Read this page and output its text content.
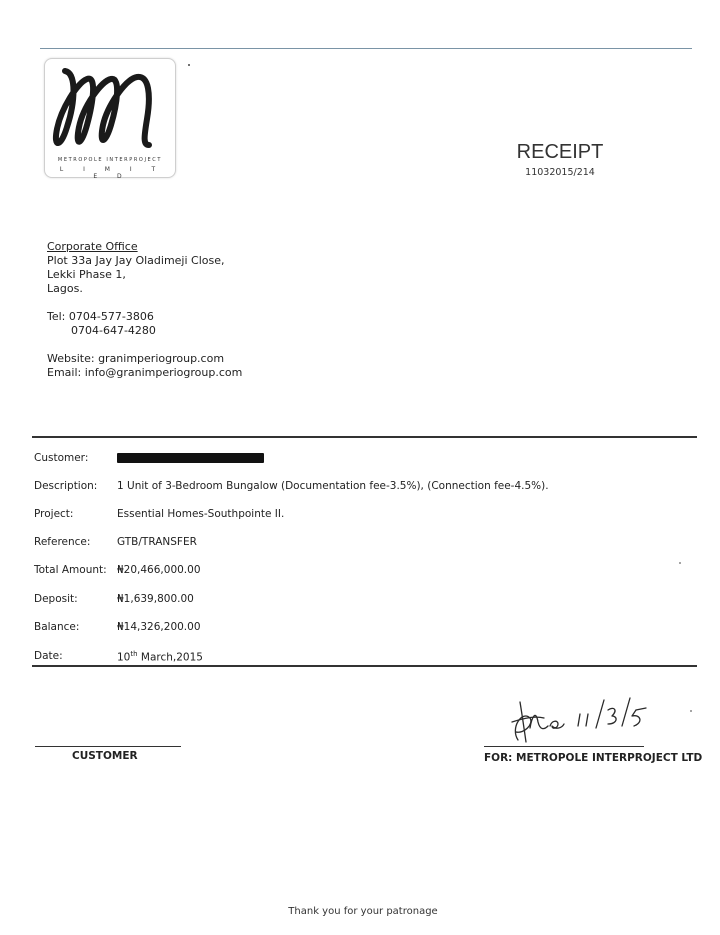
METROPOLE INTERPROJECT
L I M I T E D
RECEIPT
11032015/214
Corporate Office
Plot 33a Jay Jay Oladimeji Close,
Lekki Phase 1,
Lagos.
Tel: 0704-577-3806
0704-647-4280
Website: granimperiogroup.com
Email: info@granimperiogroup.com
Customer:
Description: 1 Unit of 3-Bedroom Bungalow (Documentation fee-3.5%), (Connection fee-4.5%).
Project:	Essential Homes-Southpointe II.
Reference:	GTB/TRANSFER
Total Amount: ₦20,466,000.00
Deposit:	₦1,639,800.00
Balance:	₦14,326,200.00
Date:	10th March,2015
CUSTOMER	FOR: METROPOLE INTERPROJECT LTD
Thank you for your patronage
